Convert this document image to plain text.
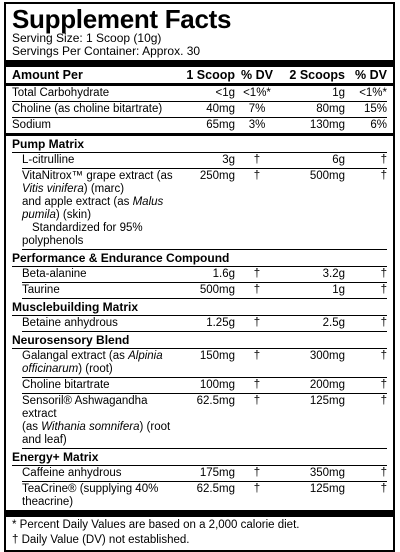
Supplement Facts
Serving Size: 1 Scoop (10g)
Servings Per Container: Approx. 30
Amount Per	1 Scoop % DV	2 Scoops % DV
Total Carbohydrate	<1g <1%*	1g	<1%*
Choline (as choline bitartrate)	40mg	7%	80mg	15%
Sodium	65mg	3%	130mg	6%
Pump Matrix
L-citrulline	3g	†	6g	†
VitaNitrox™ grape extract (as Vitis vinifera) (marc)
and apple extract (as Malus pumila) (skin)
Standardized for 95% polyphenols
250mg	†	500mg	†
Performance & Endurance Compound
Beta-alanine	1.6g	†	3.2g	†
Taurine	500mg	†	1g	†
Musclebuilding Matrix
Betaine anhydrous	1.25g	†	2.5g	†
Neurosensory Blend
Galangal extract (as Alpinia officinarum) (root)
150mg	†	300mg	†
Choline bitartrate	100mg	†	200mg	†
Sensoril® Ashwagandha extract
(as Withania somnifera) (root and leaf)
62.5mg	†	125mg	†
Energy+ Matrix
Caffeine anhydrous	175mg	†	350mg	†
TeaCrine® (supplying 40% theacrine)
62.5mg	†	125mg	†
* Percent Daily Values are based on a 2,000 calorie diet.
† Daily Value (DV) not established.
